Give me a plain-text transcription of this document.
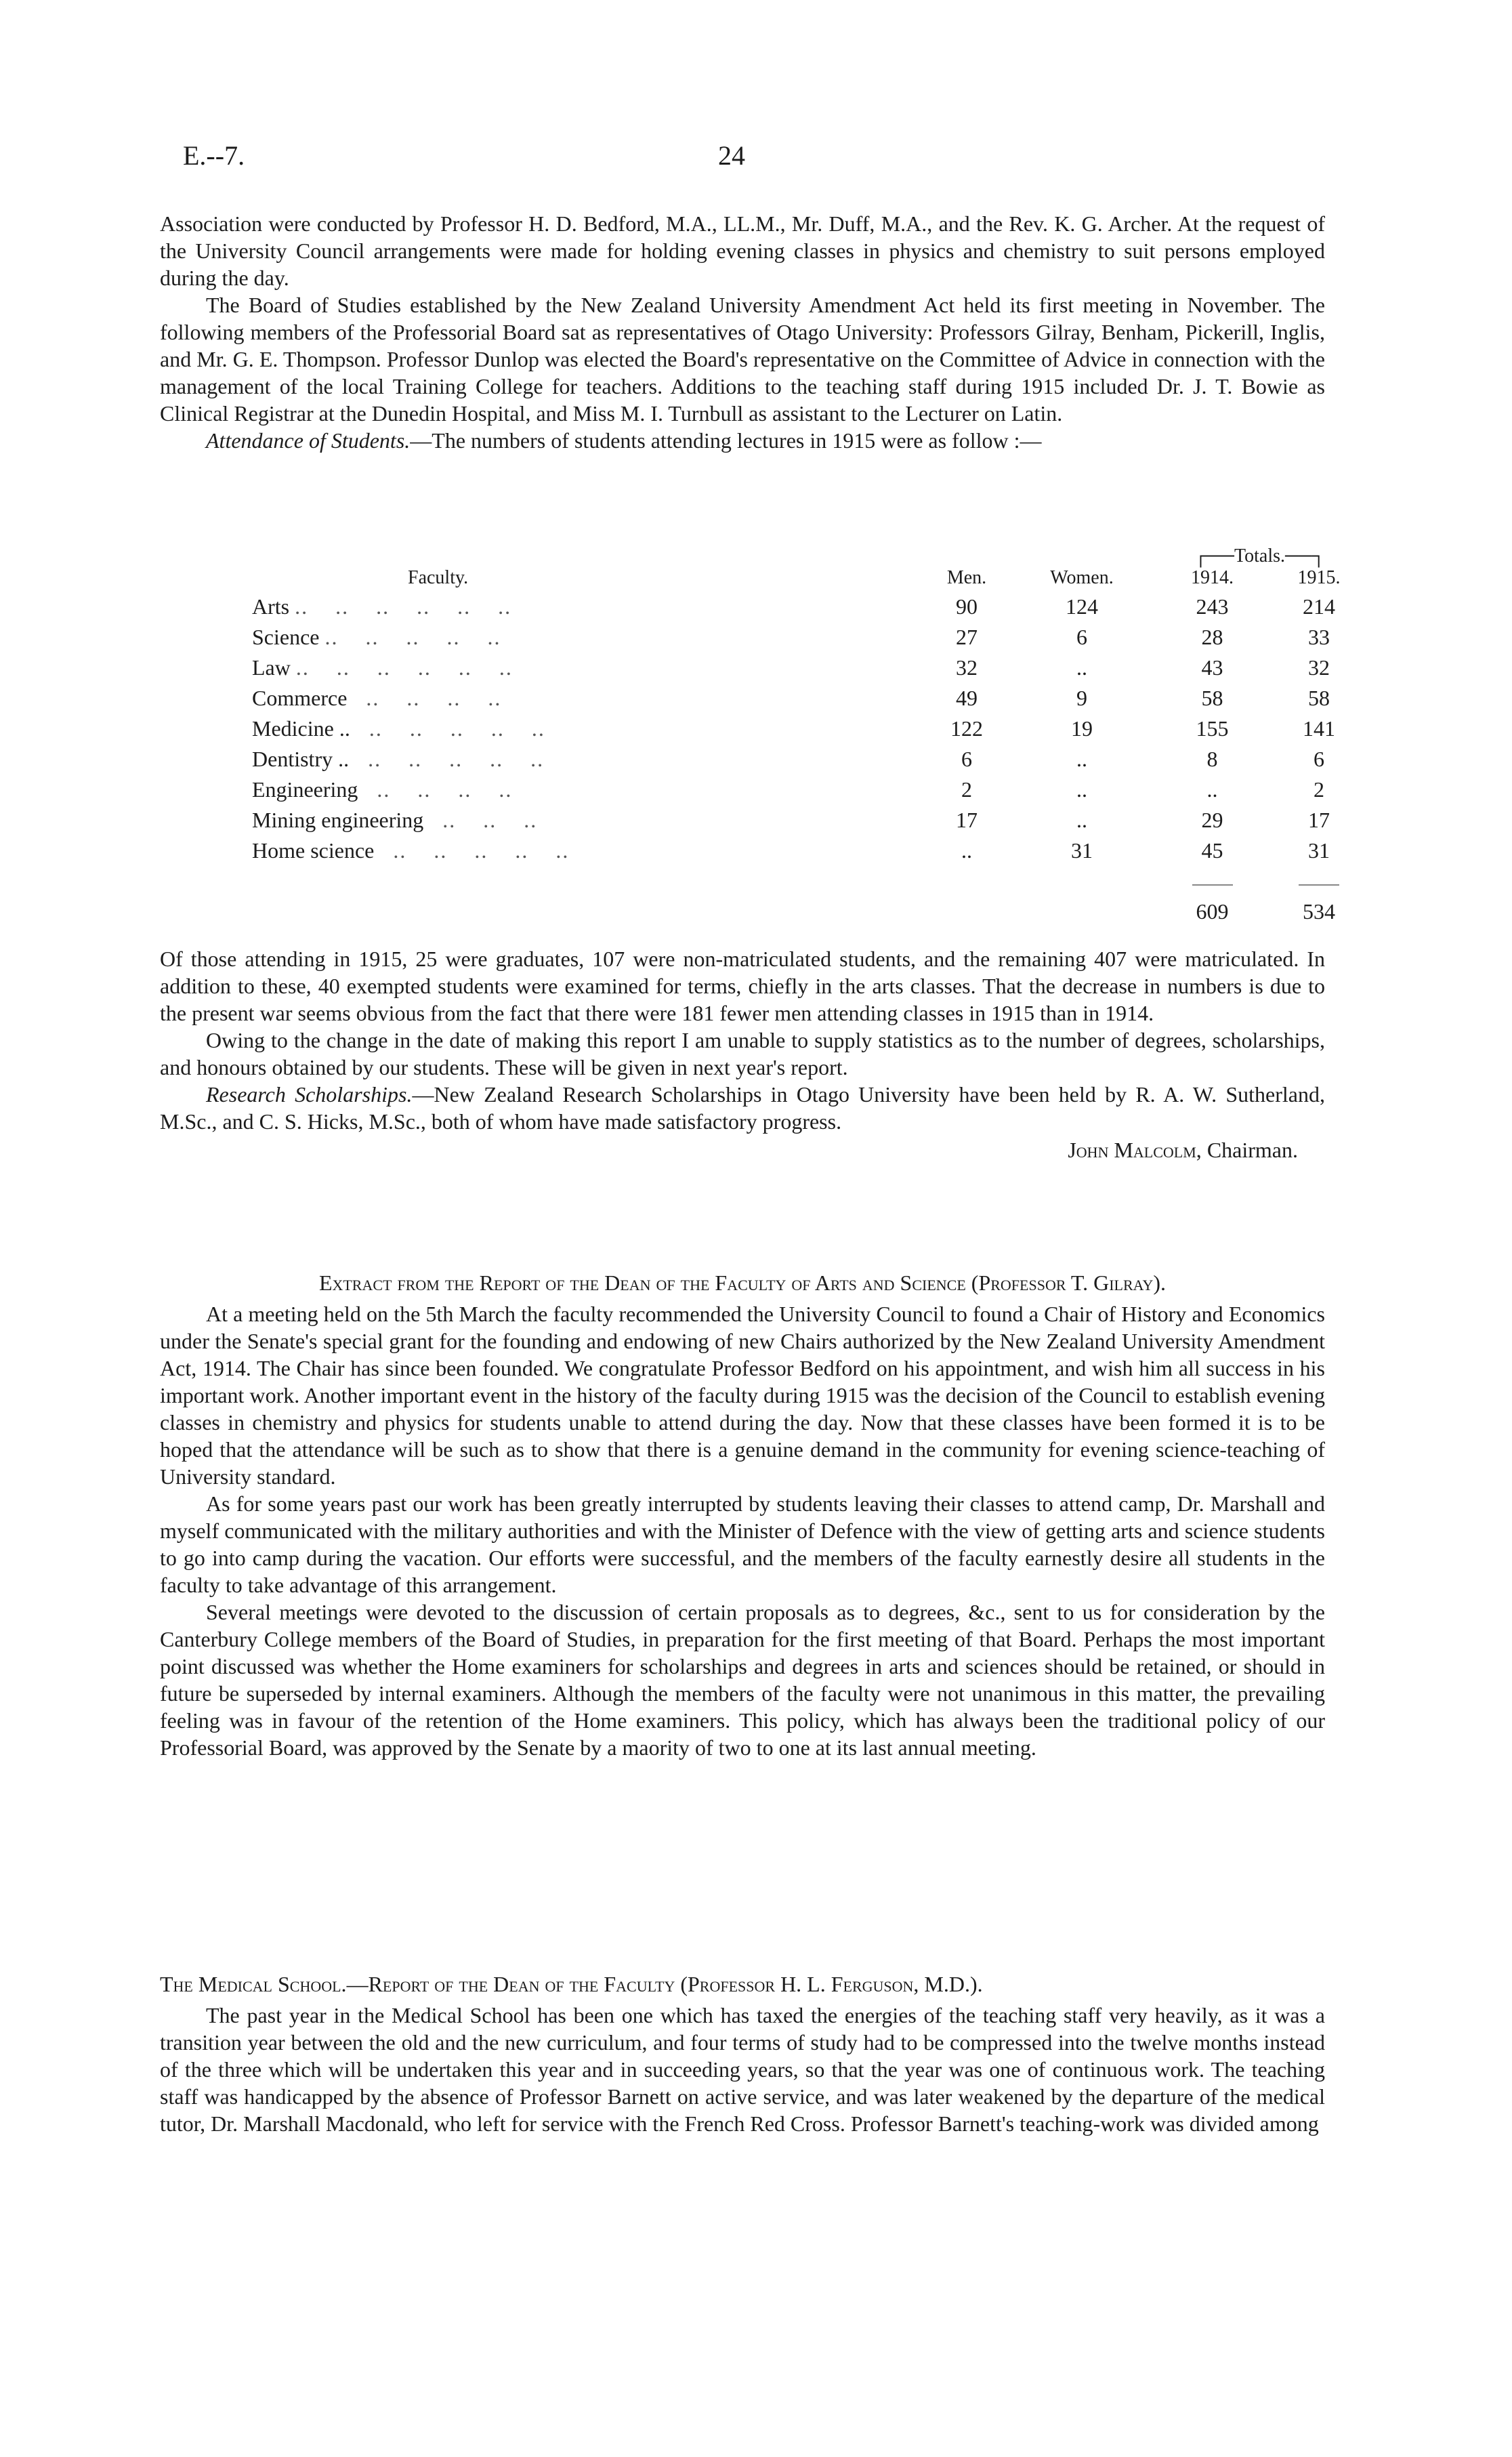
E.--7.	24

Association were conducted by Professor H. D. Bedford, M.A., LL.M., Mr. Duff, M.A., and the Rev. K. G. Archer. At the request of the University Council arrangements were made for holding evening classes in physics and chemistry to suit persons employed during the day.

The Board of Studies established by the New Zealand University Amendment Act held its first meeting in November. The following members of the Professorial Board sat as representatives of Otago University: Professors Gilray, Benham, Pickerill, Inglis, and Mr. G. E. Thompson. Professor Dunlop was elected the Board's representative on the Committee of Advice in connection with the management of the local Training College for teachers. Additions to the teaching staff during 1915 included Dr. J. T. Bowie as Clinical Registrar at the Dunedin Hospital, and Miss M. I. Turnbull as assistant to the Lecturer on Latin.

Attendance of Students.—The numbers of students attending lectures in 1915 were as follow :—

Faculty.	Men.	Women.	┌──Totals.──┐
1914. 1915.	

Arts ..    ..    ..    ..    ..    ..	90	124	243	214
Science ..    ..    ..    ..    ..	27	6	28	33
Law ..    ..    ..    ..    ..    ..	32	..	43	32
Commerce   ..    ..    ..    ..	49	9	58	58
Medicine ..   ..    ..    ..    ..    ..	122	19	155	141
Dentistry ..   ..    ..    ..    ..    ..	6	..	8	6
Engineering   ..    ..    ..    ..	2	..	..	2
Mining engineering   ..    ..    ..	17	..	29	17
Home science   ..    ..    ..    ..    ..	..	31	45	31

			609	534

Of those attending in 1915, 25 were graduates, 107 were non-matriculated students, and the remaining 407 were matriculated. In addition to these, 40 exempted students were examined for terms, chiefly in the arts classes. That the decrease in numbers is due to the present war seems obvious from the fact that there were 181 fewer men attending classes in 1915 than in 1914.

Owing to the change in the date of making this report I am unable to supply statistics as to the number of degrees, scholarships, and honours obtained by our students. These will be given in next year's report.

Research Scholarships.—New Zealand Research Scholarships in Otago University have been held by R. A. W. Sutherland, M.Sc., and C. S. Hicks, M.Sc., both of whom have made satisfactory progress.

John Malcolm, Chairman.

Extract from the Report of the Dean of the Faculty of Arts and Science (Professor T. Gilray).

At a meeting held on the 5th March the faculty recommended the University Council to found a Chair of History and Economics under the Senate's special grant for the founding and endowing of new Chairs authorized by the New Zealand University Amendment Act, 1914. The Chair has since been founded. We congratulate Professor Bedford on his appointment, and wish him all success in his important work. Another important event in the history of the faculty during 1915 was the decision of the Council to establish evening classes in chemistry and physics for students unable to attend during the day. Now that these classes have been formed it is to be hoped that the attendance will be such as to show that there is a genuine demand in the community for evening science-teaching of University standard.

As for some years past our work has been greatly interrupted by students leaving their classes to attend camp, Dr. Marshall and myself communicated with the military authorities and with the Minister of Defence with the view of getting arts and science students to go into camp during the vacation. Our efforts were successful, and the members of the faculty earnestly desire all students in the faculty to take advantage of this arrangement.

Several meetings were devoted to the discussion of certain proposals as to degrees, &c., sent to us for consideration by the Canterbury College members of the Board of Studies, in preparation for the first meeting of that Board. Perhaps the most important point discussed was whether the Home examiners for scholarships and degrees in arts and sciences should be retained, or should in future be superseded by internal examiners. Although the members of the faculty were not unanimous in this matter, the prevailing feeling was in favour of the retention of the Home examiners. This policy, which has always been the traditional policy of our Professorial Board, was approved by the Senate by a maority of two to one at its last annual meeting.

The Medical School.—Report of the Dean of the Faculty (Professor H. L. Ferguson, M.D.).

The past year in the Medical School has been one which has taxed the energies of the teaching staff very heavily, as it was a transition year between the old and the new curriculum, and four terms of study had to be compressed into the twelve months instead of the three which will be undertaken this year and in succeeding years, so that the year was one of continuous work. The teaching staff was handicapped by the absence of Professor Barnett on active service, and was later weakened by the departure of the medical tutor, Dr. Marshall Macdonald, who left for service with the French Red Cross. Professor Barnett's teaching-work was divided among
